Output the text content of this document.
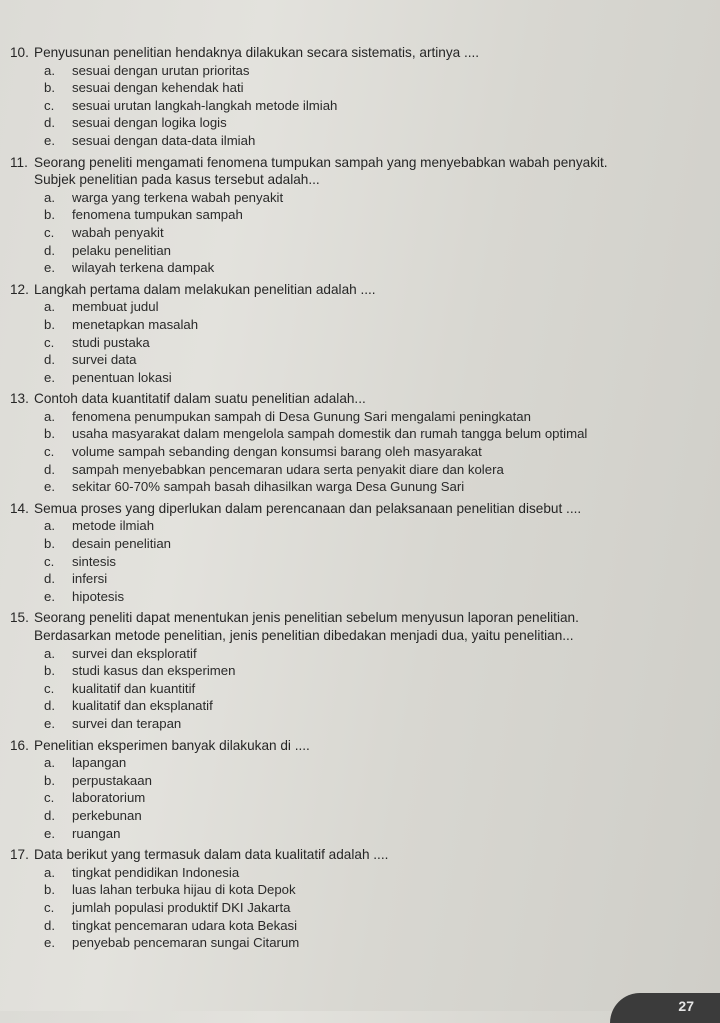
10. Penyusunan penelitian hendaknya dilakukan secara sistematis, artinya ....
a. sesuai dengan urutan prioritas
b. sesuai dengan kehendak hati
c. sesuai urutan langkah-langkah metode ilmiah
d. sesuai dengan logika logis
e. sesuai dengan data-data ilmiah
11. Seorang peneliti mengamati fenomena tumpukan sampah yang menyebabkan wabah penyakit.
Subjek penelitian pada kasus tersebut adalah...
a. warga yang terkena wabah penyakit
b. fenomena tumpukan sampah
c. wabah penyakit
d. pelaku penelitian
e. wilayah terkena dampak
12. Langkah pertama dalam melakukan penelitian adalah ....
a. membuat judul
b. menetapkan masalah
c. studi pustaka
d. survei data
e. penentuan lokasi
13. Contoh data kuantitatif dalam suatu penelitian adalah...
a. fenomena penumpukan sampah di Desa Gunung Sari mengalami peningkatan
b. usaha masyarakat dalam mengelola sampah domestik dan rumah tangga belum optimal
c. volume sampah sebanding dengan konsumsi barang oleh masyarakat
d. sampah menyebabkan pencemaran udara serta penyakit diare dan kolera
e. sekitar 60-70% sampah basah dihasilkan warga Desa Gunung Sari
14. Semua proses yang diperlukan dalam perencanaan dan pelaksanaan penelitian disebut ....
a. metode ilmiah
b. desain penelitian
c. sintesis
d. infersi
e. hipotesis
15. Seorang peneliti dapat menentukan jenis penelitian sebelum menyusun laporan penelitian.
Berdasarkan metode penelitian, jenis penelitian dibedakan menjadi dua, yaitu penelitian...
a. survei dan eksploratif
b. studi kasus dan eksperimen
c. kualitatif dan kuantitif
d. kualitatif dan eksplanatif
e. survei dan terapan
16. Penelitian eksperimen banyak dilakukan di ....
a. lapangan
b. perpustakaan
c. laboratorium
d. perkebunan
e. ruangan
17. Data berikut yang termasuk dalam data kualitatif adalah ....
a. tingkat pendidikan Indonesia
b. luas lahan terbuka hijau di kota Depok
c. jumlah populasi produktif DKI Jakarta
d. tingkat pencemaran udara kota Bekasi
e. penyebab pencemaran sungai Citarum
27
